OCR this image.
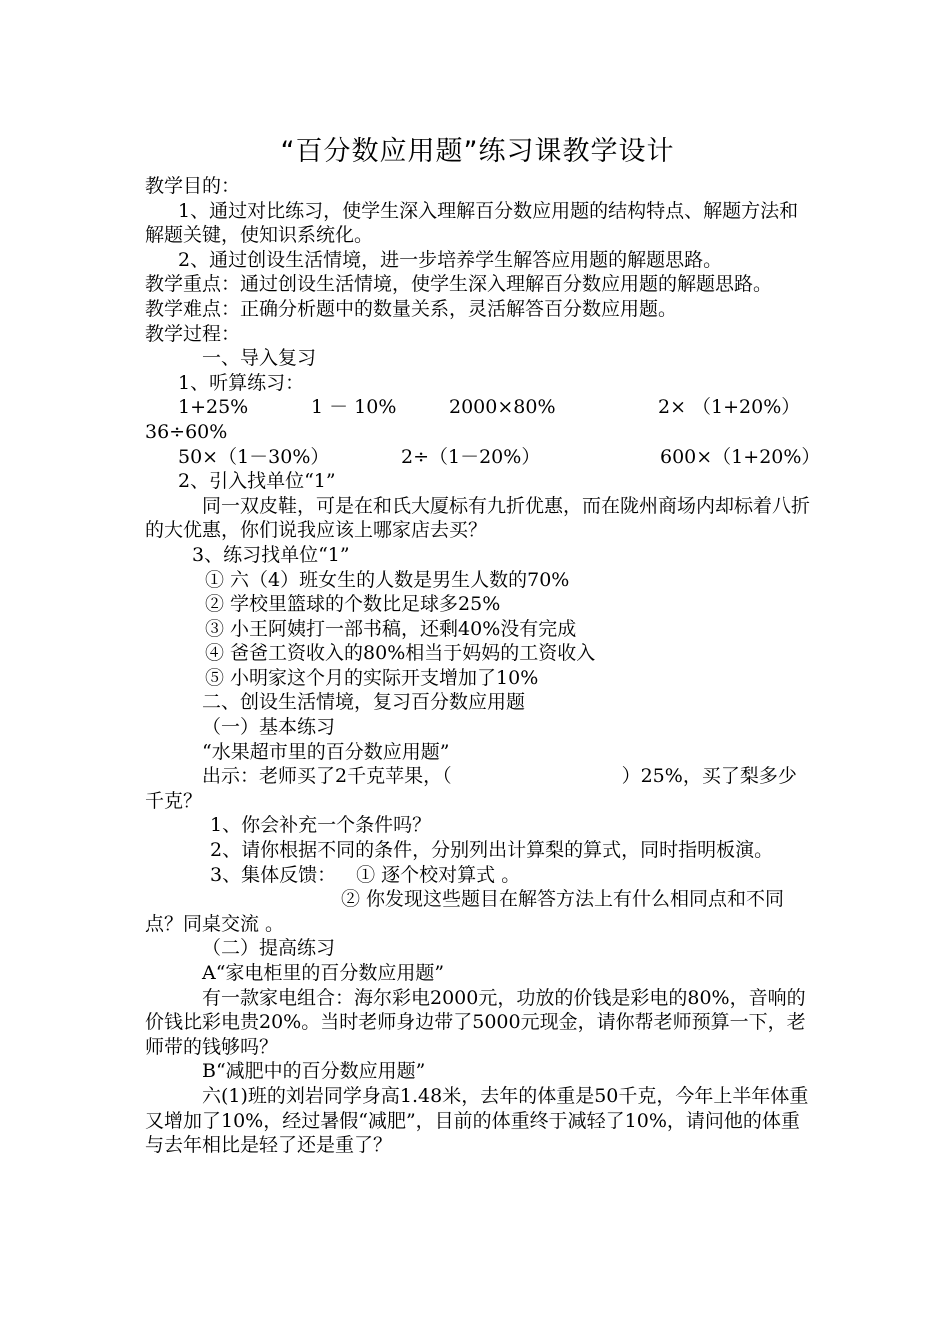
“百分数应用题”练习课教学设计
教学目的：
1、通过对比练习，使学生深入理解百分数应用题的结构特点、解题方法和解题关键，使知识系统化。
2、通过创设生活情境，进一步培养学生解答应用题的解题思路。
教学重点：通过创设生活情境，使学生深入理解百分数应用题的解题思路。
教学难点：正确分析题中的数量关系，灵活解答百分数应用题。
教学过程：
一、导入复习
1、听算练习：
1+25%	1 － 10%	2000×80%	2× （1+20%）
36÷60%
50×（1－30%）	2÷（1－20%）	600×（1+20%）
2、引入找单位“1”
同一双皮鞋，可是在和氏大厦标有九折优惠，而在陇州商场内却标着八折的大优惠，你们说我应该上哪家店去买？
3、练习找单位“1”
① 六（4）班女生的人数是男生人数的70%
② 学校里篮球的个数比足球多25%
③ 小王阿姨打一部书稿，还剩40%没有完成
④ 爸爸工资收入的80%相当于妈妈的工资收入
⑤ 小明家这个月的实际开支增加了10%
二、创设生活情境，复习百分数应用题
（一）基本练习
“水果超市里的百分数应用题”
出示：老师买了2千克苹果，（	）25%，买了梨多少千克？
1、你会补充一个条件吗？
2、请你根据不同的条件，分别列出计算梨的算式，同时指明板演。
3、集体反馈： ① 逐个校对算式 。
② 你发现这些题目在解答方法上有什么相同点和不同点？同桌交流 。
（二）提高练习
A“家电柜里的百分数应用题”
有一款家电组合：海尔彩电2000元，功放的价钱是彩电的80%，音响的价钱比彩电贵20%。当时老师身边带了5000元现金，请你帮老师预算一下，老师带的钱够吗？
B“减肥中的百分数应用题”
六(1)班的刘岩同学身高1.48米，去年的体重是50千克，今年上半年体重又增加了10%，经过暑假“减肥”，目前的体重终于减轻了10%，请问他的体重与去年相比是轻了还是重了？
